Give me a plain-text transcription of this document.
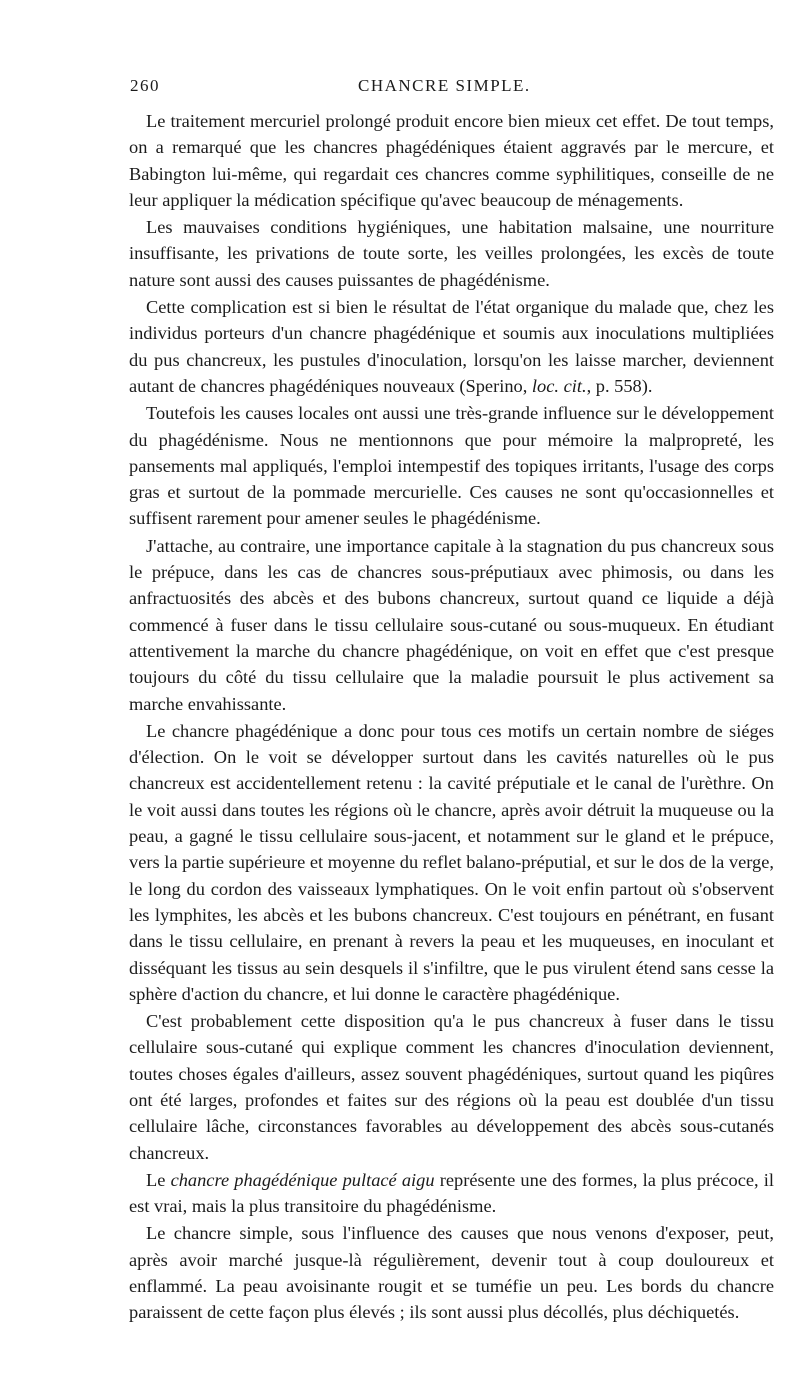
260	CHANCRE SIMPLE.

Le traitement mercuriel prolongé produit encore bien mieux cet effet. De tout temps, on a remarqué que les chancres phagédéniques étaient aggravés par le mercure, et Babington lui-même, qui regardait ces chancres comme syphilitiques, conseille de ne leur appliquer la médication spécifique qu'avec beaucoup de ménagements.

Les mauvaises conditions hygiéniques, une habitation malsaine, une nourriture insuffisante, les privations de toute sorte, les veilles prolongées, les excès de toute nature sont aussi des causes puissantes de phagédénisme.

Cette complication est si bien le résultat de l'état organique du malade que, chez les individus porteurs d'un chancre phagédénique et soumis aux inoculations multipliées du pus chancreux, les pustules d'inoculation, lorsqu'on les laisse marcher, deviennent autant de chancres phagédéniques nouveaux (Sperino, loc. cit., p. 558).

Toutefois les causes locales ont aussi une très-grande influence sur le développement du phagédénisme. Nous ne mentionnons que pour mémoire la malpropreté, les pansements mal appliqués, l'emploi intempestif des topiques irritants, l'usage des corps gras et surtout de la pommade mercurielle. Ces causes ne sont qu'occasionnelles et suffisent rarement pour amener seules le phagédénisme.

J'attache, au contraire, une importance capitale à la stagnation du pus chancreux sous le prépuce, dans les cas de chancres sous-préputiaux avec phimosis, ou dans les anfractuosités des abcès et des bubons chancreux, surtout quand ce liquide a déjà commencé à fuser dans le tissu cellulaire sous-cutané ou sous-muqueux. En étudiant attentivement la marche du chancre phagédénique, on voit en effet que c'est presque toujours du côté du tissu cellulaire que la maladie poursuit le plus activement sa marche envahissante.

Le chancre phagédénique a donc pour tous ces motifs un certain nombre de siéges d'élection. On le voit se développer surtout dans les cavités naturelles où le pus chancreux est accidentellement retenu : la cavité préputiale et le canal de l'urèthre. On le voit aussi dans toutes les régions où le chancre, après avoir détruit la muqueuse ou la peau, a gagné le tissu cellulaire sous-jacent, et notamment sur le gland et le prépuce, vers la partie supérieure et moyenne du reflet balano-préputial, et sur le dos de la verge, le long du cordon des vaisseaux lymphatiques. On le voit enfin partout où s'observent les lymphites, les abcès et les bubons chancreux. C'est toujours en pénétrant, en fusant dans le tissu cellulaire, en prenant à revers la peau et les muqueuses, en inoculant et disséquant les tissus au sein desquels il s'infiltre, que le pus virulent étend sans cesse la sphère d'action du chancre, et lui donne le caractère phagédénique.

C'est probablement cette disposition qu'a le pus chancreux à fuser dans le tissu cellulaire sous-cutané qui explique comment les chancres d'inoculation deviennent, toutes choses égales d'ailleurs, assez souvent phagédéniques, surtout quand les piqûres ont été larges, profondes et faites sur des régions où la peau est doublée d'un tissu cellulaire lâche, circonstances favorables au développement des abcès sous-cutanés chancreux.

Le chancre phagédénique pultacé aigu représente une des formes, la plus précoce, il est vrai, mais la plus transitoire du phagédénisme.

Le chancre simple, sous l'influence des causes que nous venons d'exposer, peut, après avoir marché jusque-là régulièrement, devenir tout à coup douloureux et enflammé. La peau avoisinante rougit et se tuméfie un peu. Les bords du chancre paraissent de cette façon plus élevés ; ils sont aussi plus décollés, plus déchiquetés.
